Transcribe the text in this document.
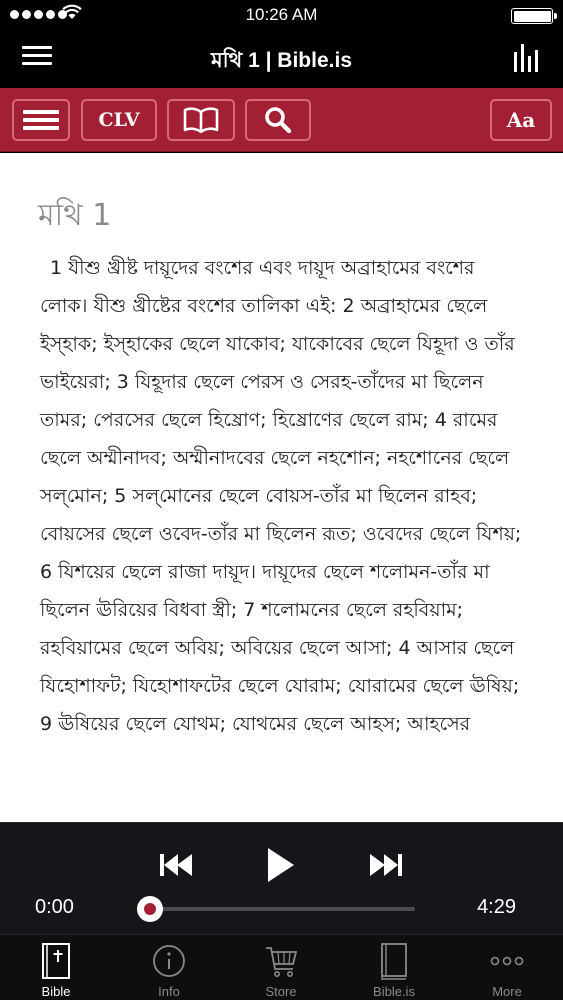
10:26 AM
মথি 1 | Bible.is
CLV	Aa
মথি 1

1 যীশু খ্রীষ্ট দায়ূদের বংশের এবং দায়ূদ অব্রাহামের বংশের লোক। যীশু খ্রীষ্টের বংশের তালিকা এই: 2 অব্রাহামের ছেলে ইস্‌হাক; ইস্‌হাকের ছেলে যাকোব; যাকোবের ছেলে যিহূদা ও তাঁর ভাইয়েরা; 3 যিহূদার ছেলে পেরস ও সেরহ-তাঁদের মা ছিলেন তামর; পেরসের ছেলে হিষ্রোণ; হিষ্রোণের ছেলে রাম; 4 রামের ছেলে অম্মীনাদব; অম্মীনাদবের ছেলে নহশোন; নহশোনের ছেলে সল্‌মোন; 5 সল্‌মোনের ছেলে বোয়স-তাঁর মা ছিলেন রাহব; বোয়সের ছেলে ওবেদ-তাঁর মা ছিলেন রূত; ওবেদের ছেলে যিশয়; 6 যিশয়ের ছেলে রাজা দায়ূদ। দায়ূদের ছেলে শলোমন-তাঁর মা ছিলেন ঊরিয়ের বিধবা স্ত্রী; 7 শলোমনের ছেলে রহবিয়াম; রহবিয়ামের ছেলে অবিয়; অবিয়ের ছেলে আসা; 4 আসার ছেলে যিহোশাফট; যিহোশাফটের ছেলে যোরাম; যোরামের ছেলে ঊষিয়; 9 ঊষিয়ের ছেলে যোথম; যোথমের ছেলে আহস; আহসের

0:00	4:29
Bible	Info	Store	Bible.is	More
